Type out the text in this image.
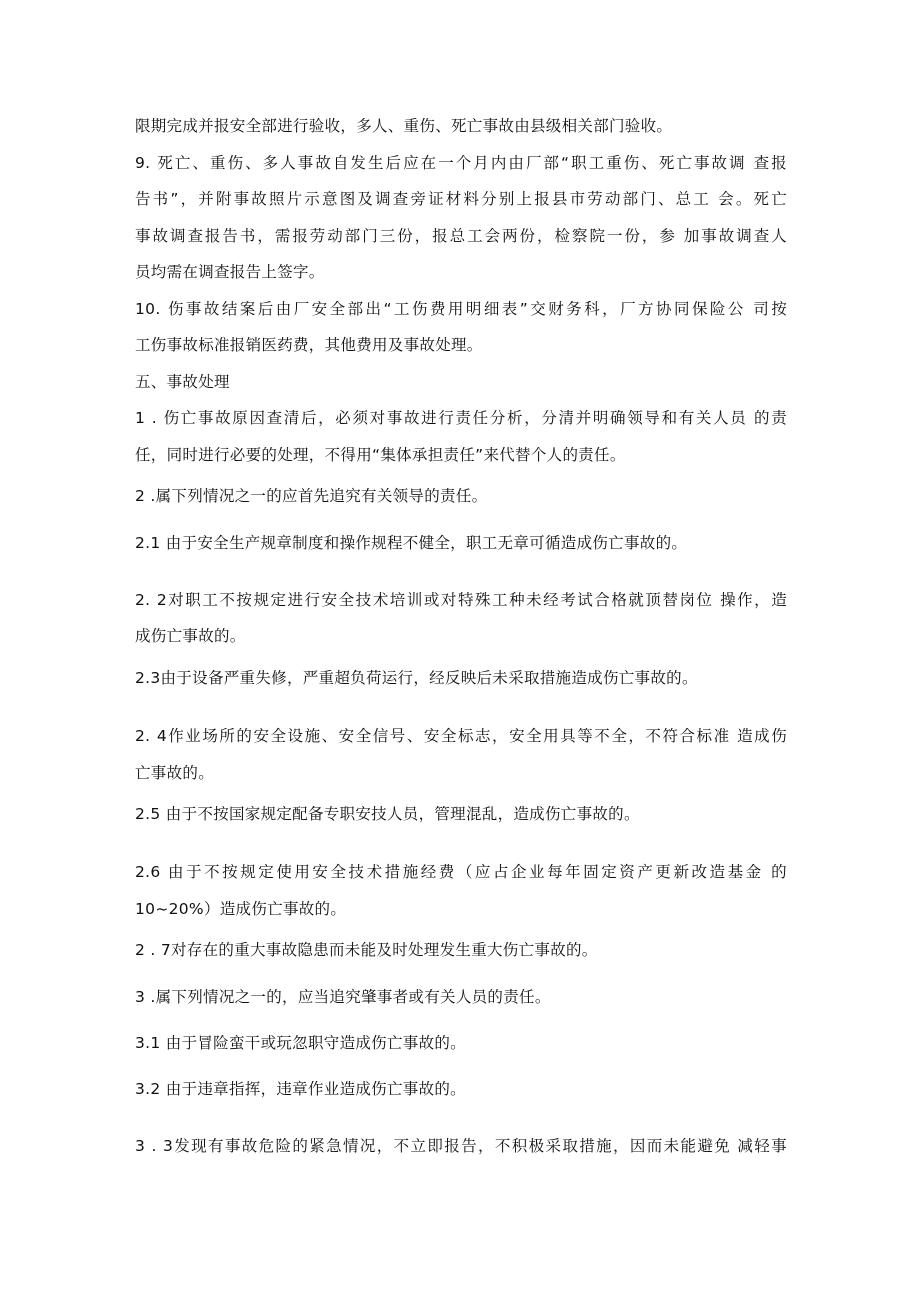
限期完成并报安全部进行验收，多人、重伤、死亡事故由县级相关部门验收。
9. 死亡、重伤、多人事故自发生后应在一个月内由厂部“职工重伤、死亡事故调 查报
告书”，并附事故照片示意图及调查旁证材料分别上报县市劳动部门、总工 会。死亡
事故调查报告书，需报劳动部门三份，报总工会两份，检察院一份，参 加事故调查人
员均需在调查报告上签字。
10. 伤事故结案后由厂安全部出“工伤费用明细表”交财务科，厂方协同保险公 司按
工伤事故标准报销医药费，其他费用及事故处理。
五、事故处理
1 . 伤亡事故原因查清后，必须对事故进行责任分析，分清并明确领导和有关人员 的责
任，同时进行必要的处理，不得用“集体承担责任”来代替个人的责任。
2 .属下列情况之一的应首先追究有关领导的责任。
2.1 由于安全生产规章制度和操作规程不健全，职工无章可循造成伤亡事故的。
2. 2对职工不按规定进行安全技术培训或对特殊工种未经考试合格就顶替岗位 操作，造
成伤亡事故的。
2.3由于设备严重失修，严重超负荷运行，经反映后未采取措施造成伤亡事故的。
2. 4作业场所的安全设施、安全信号、安全标志，安全用具等不全，不符合标准 造成伤
亡事故的。
2.5 由于不按国家规定配备专职安技人员，管理混乱，造成伤亡事故的。
2.6 由于不按规定使用安全技术措施经费（应占企业每年固定资产更新改造基金 的
10~20%）造成伤亡事故的。
2 . 7对存在的重大事故隐患而未能及时处理发生重大伤亡事故的。
3 .属下列情况之一的，应当追究肇事者或有关人员的责任。
3.1 由于冒险蛮干或玩忽职守造成伤亡事故的。
3.2 由于违章指挥，违章作业造成伤亡事故的。
3 . 3发现有事故危险的紧急情况，不立即报告，不积极采取措施，因而未能避免 减轻事
